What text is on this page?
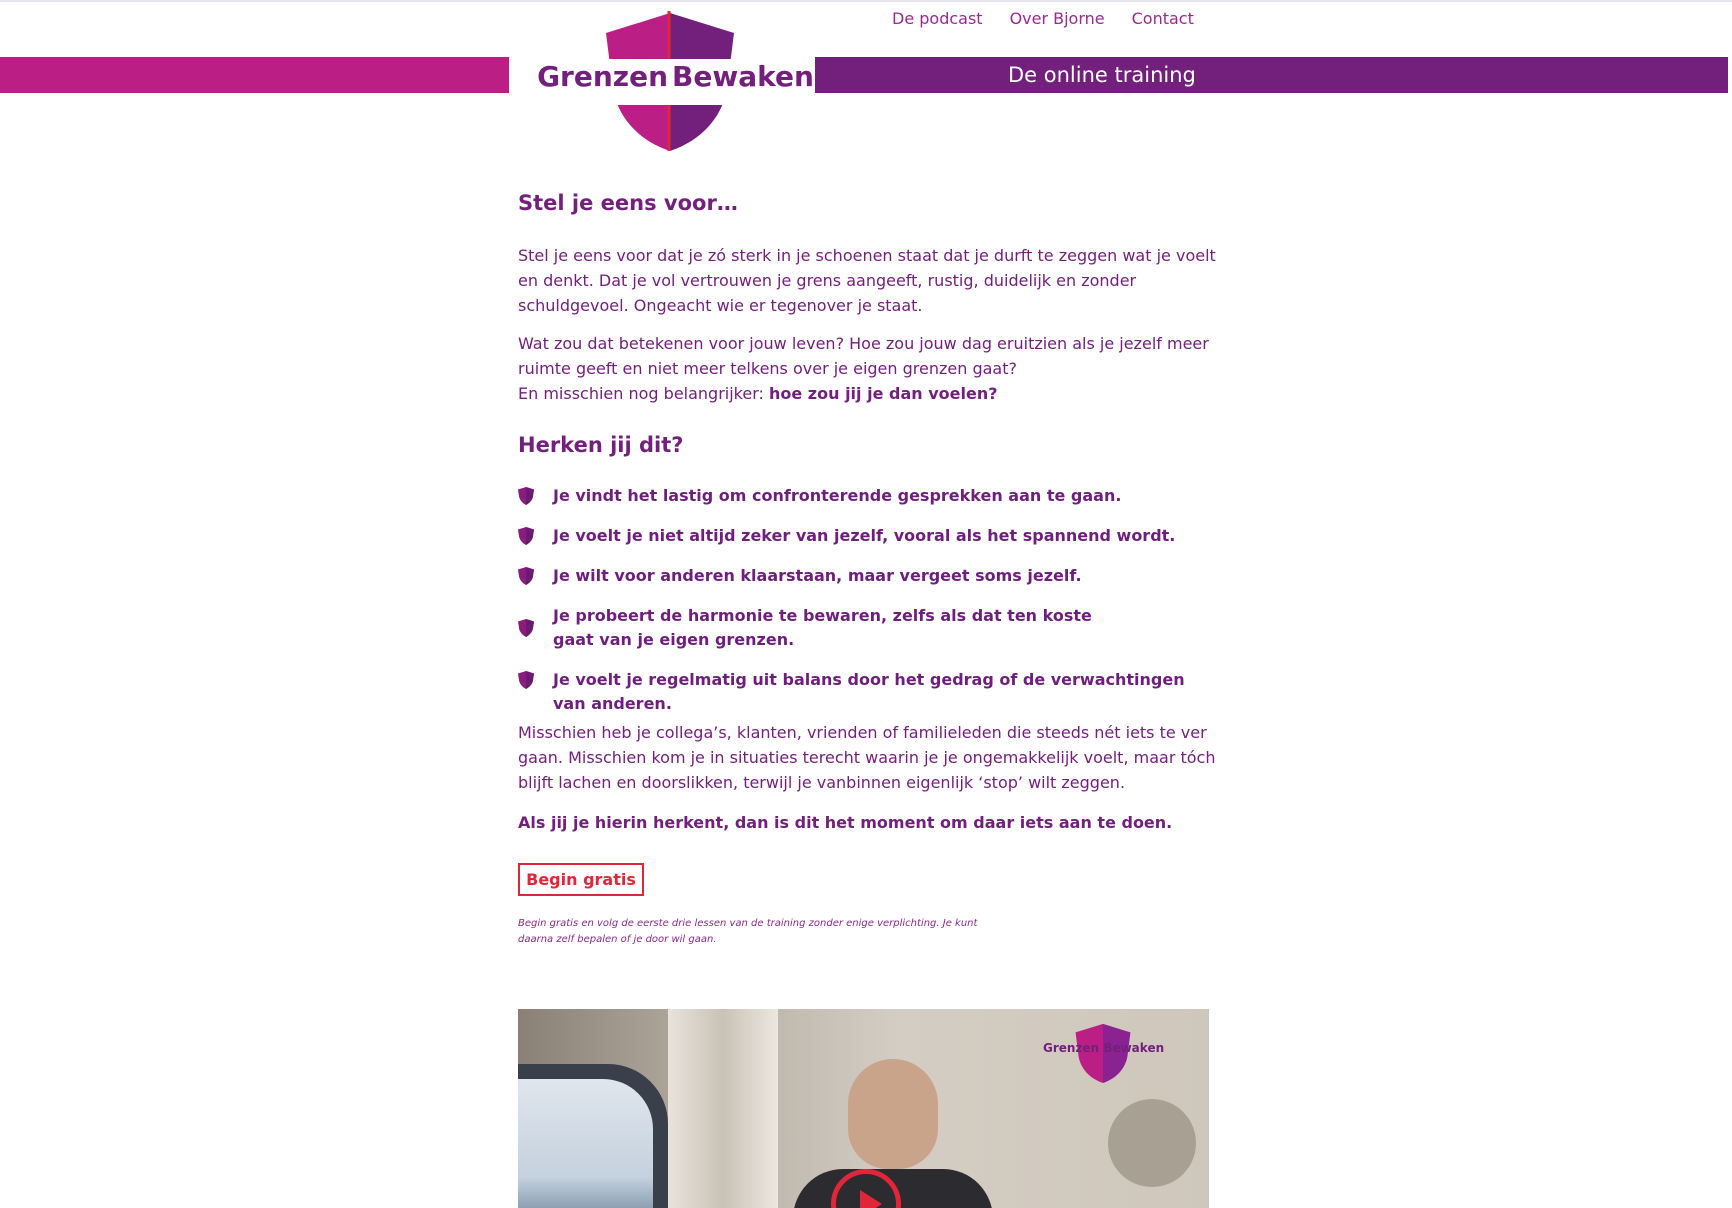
De online training
De podcast Over Bjorne Contact
Grenzen Bewaken
Stel je eens voor…

Stel je eens voor dat je zó sterk in je schoenen staat dat je durft te zeggen wat je voelt en denkt. Dat je vol vertrouwen je grens aangeeft, rustig, duidelijk en zonder schuldgevoel. Ongeacht wie er tegenover je staat.

Wat zou dat betekenen voor jouw leven? Hoe zou jouw dag eruitzien als je jezelf meer ruimte geeft en niet meer telkens over je eigen grenzen gaat?
En misschien nog belangrijker: hoe zou jij je dan voelen?

Herken jij dit?
Je vindt het lastig om confronterende gesprekken aan te gaan.
Je voelt je niet altijd zeker van jezelf, vooral als het spannend wordt.
Je wilt voor anderen klaarstaan, maar vergeet soms jezelf.
Je probeert de harmonie te bewaren, zelfs als dat ten koste gaat van je eigen grenzen.
Je voelt je regelmatig uit balans door het gedrag of de verwachtingen van anderen.

Misschien heb je collega’s, klanten, vrienden of familieleden die steeds nét iets te ver gaan. Misschien kom je in situaties terecht waarin je je ongemakkelijk voelt, maar tóch blijft lachen en doorslikken, terwijl je vanbinnen eigenlijk ‘stop’ wilt zeggen.

Als jij je hierin herkent, dan is dit het moment om daar iets aan te doen.

Begin gratis

Begin gratis en volg de eerste drie lessen van de training zonder enige verplichting. Je kunt daarna zelf bepalen of je door wil gaan.

Grenzen Bewaken
